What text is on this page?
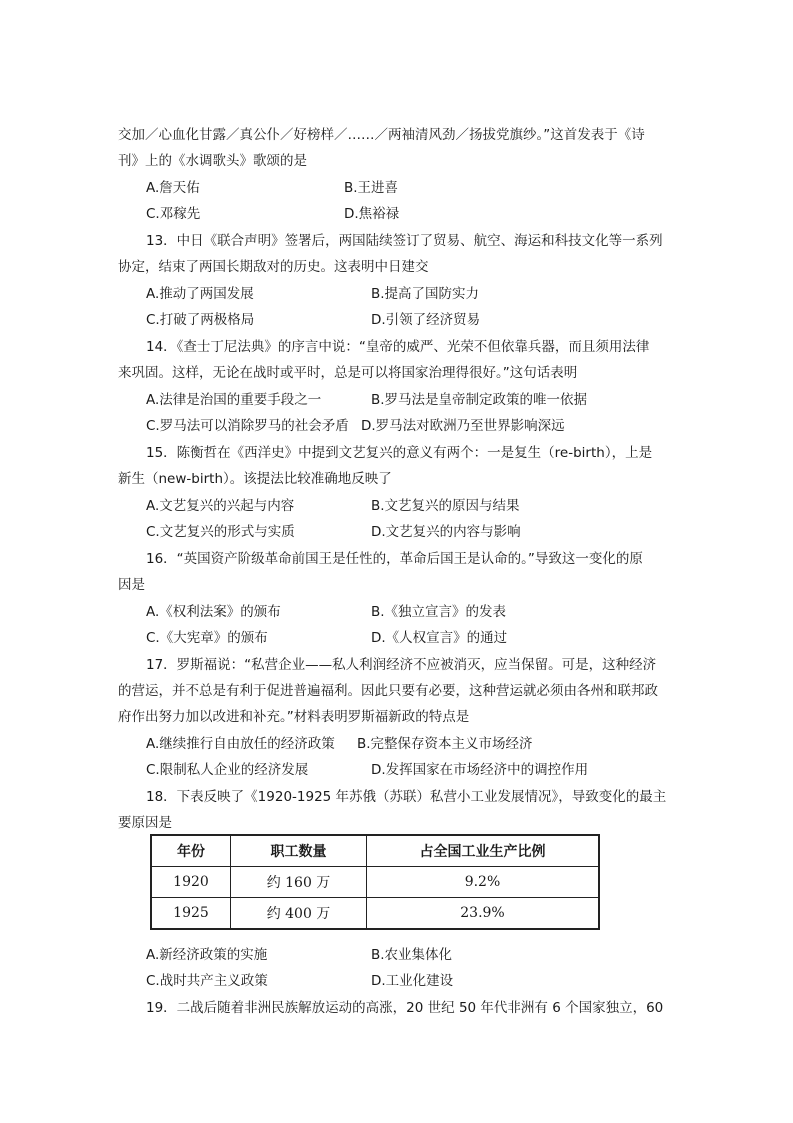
交加／心血化甘露／真公仆／好榜样／……／两袖清风劲／扬拔党旗纱。”这首发表于《诗
刊》上的《水调歌头》歌颂的是
A.詹天佑	B.王进喜
C.邓稼先	D.焦裕禄
13．中日《联合声明》签署后，两国陆续签订了贸易、航空、海运和科技文化等一系列
协定，结束了两国长期敌对的历史。这表明中日建交
A.推动了两国发展	B.提高了国防实力
C.打破了两极格局	D.引领了经济贸易
14．《查士丁尼法典》的序言中说：“皇帝的威严、光荣不但依靠兵器，而且须用法律
来巩固。这样，无论在战时或平时，总是可以将国家治理得很好。”这句话表明
A.法律是治国的重要手段之一	B.罗马法是皇帝制定政策的唯一依据
C.罗马法可以消除罗马的社会矛盾 D.罗马法对欧洲乃至世界影响深远
15．陈衡哲在《西洋史》中提到文艺复兴的意义有两个：一是复生（re-birth），上是
新生（new-birth）。该提法比较准确地反映了
A.文艺复兴的兴起与内容	B.文艺复兴的原因与结果
C.文艺复兴的形式与实质	D.文艺复兴的内容与影响
16．“英国资产阶级革命前国王是任性的，革命后国王是认命的。”导致这一变化的原
因是
A.《权利法案》的颁布	B.《独立宣言》的发表
C.《大宪章》的颁布	D.《人权宣言》的通过
17．罗斯福说：“私营企业——私人利润经济不应被消灭，应当保留。可是，这种经济
的营运，并不总是有利于促进普遍福利。因此只要有必要，这种营运就必须由各州和联邦政
府作出努力加以改进和补充。”材料表明罗斯福新政的特点是
A.继续推行自由放任的经济政策 B.完整保存资本主义市场经济
C.限制私人企业的经济发展	D.发挥国家在市场经济中的调控作用
18．下表反映了《1920-1925 年苏俄（苏联）私营小工业发展情况》，导致变化的最主
要原因是
年份	职工数量	占全国工业生产比例
1920	约 160 万	9.2%
1925	约 400 万	23.9%
A.新经济政策的实施	B.农业集体化
C.战时共产主义政策	D.工业化建设
19．二战后随着非洲民族解放运动的高涨，20 世纪 50 年代非洲有 6 个国家独立，60
